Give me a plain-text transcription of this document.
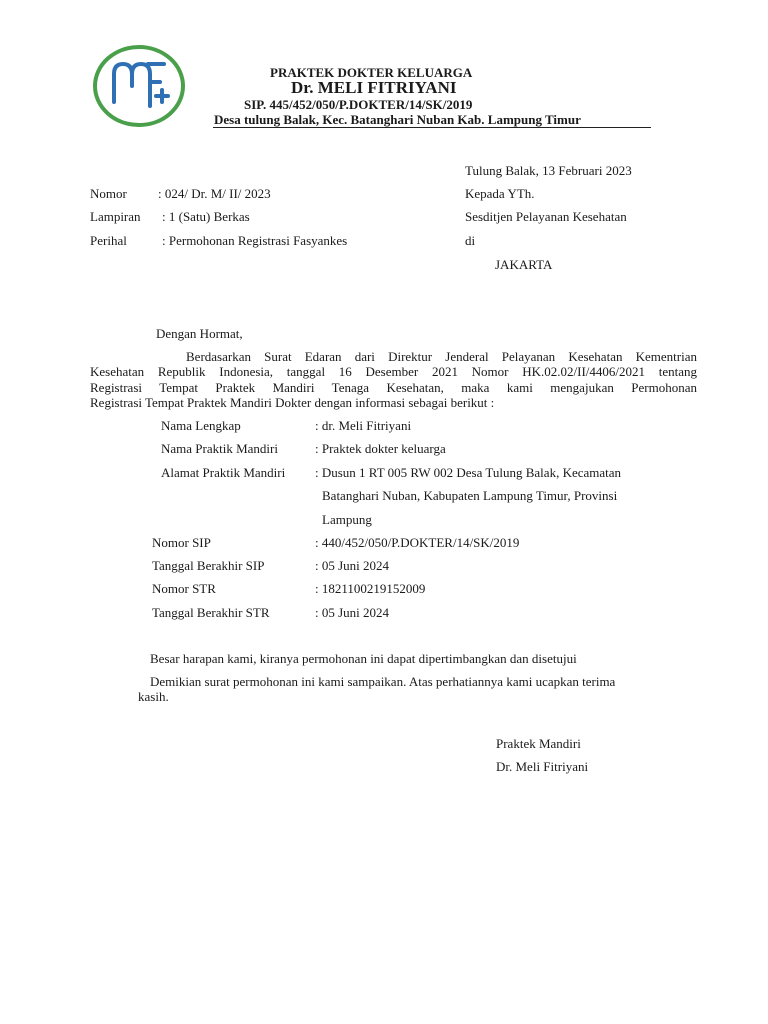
PRAKTEK DOKTER KELUARGA
Dr. MELI FITRIYANI
SIP. 445/452/050/P.DOKTER/14/SK/2019
Desa tulung Balak, Kec. Batanghari Nuban Kab. Lampung Timur
Tulung Balak, 13 Februari 2023
Kepada YTh.
Sesditjen Pelayanan Kesehatan
di
JAKARTA
Nomor : 024/ Dr. M/ II/ 2023
Lampiran : 1 (Satu) Berkas
Perihal	: Permohonan Registrasi Fasyankes
Dengan Hormat,
Berdasarkan Surat Edaran dari Direktur Jenderal Pelayanan Kesehatan Kementrian
Kesehatan Republik Indonesia, tanggal 16 Desember 2021 Nomor HK.02.02/II/4406/2021 tentang
Registrasi Tempat Praktek Mandiri Tenaga Kesehatan, maka kami mengajukan Permohonan
Registrasi Tempat Praktek Mandiri Dokter dengan informasi sebagai berikut :
Nama Lengkap	: dr. Meli Fitriyani
Nama Praktik Mandiri	: Praktek dokter keluarga
Alamat Praktik Mandiri : Dusun 1 RT 005 RW 002 Desa Tulung Balak, Kecamatan
Batanghari Nuban, Kabupaten Lampung Timur, Provinsi
Lampung
Nomor SIP	: 440/452/050/P.DOKTER/14/SK/2019
Tanggal Berakhir SIP	: 05 Juni 2024
Nomor STR	: 1821100219152009
Tanggal Berakhir STR	: 05 Juni 2024
Besar harapan kami, kiranya permohonan ini dapat dipertimbangkan dan disetujui
Demikian surat permohonan ini kami sampaikan. Atas perhatiannya kami ucapkan terima
kasih.
Praktek Mandiri
Dr. Meli Fitriyani
